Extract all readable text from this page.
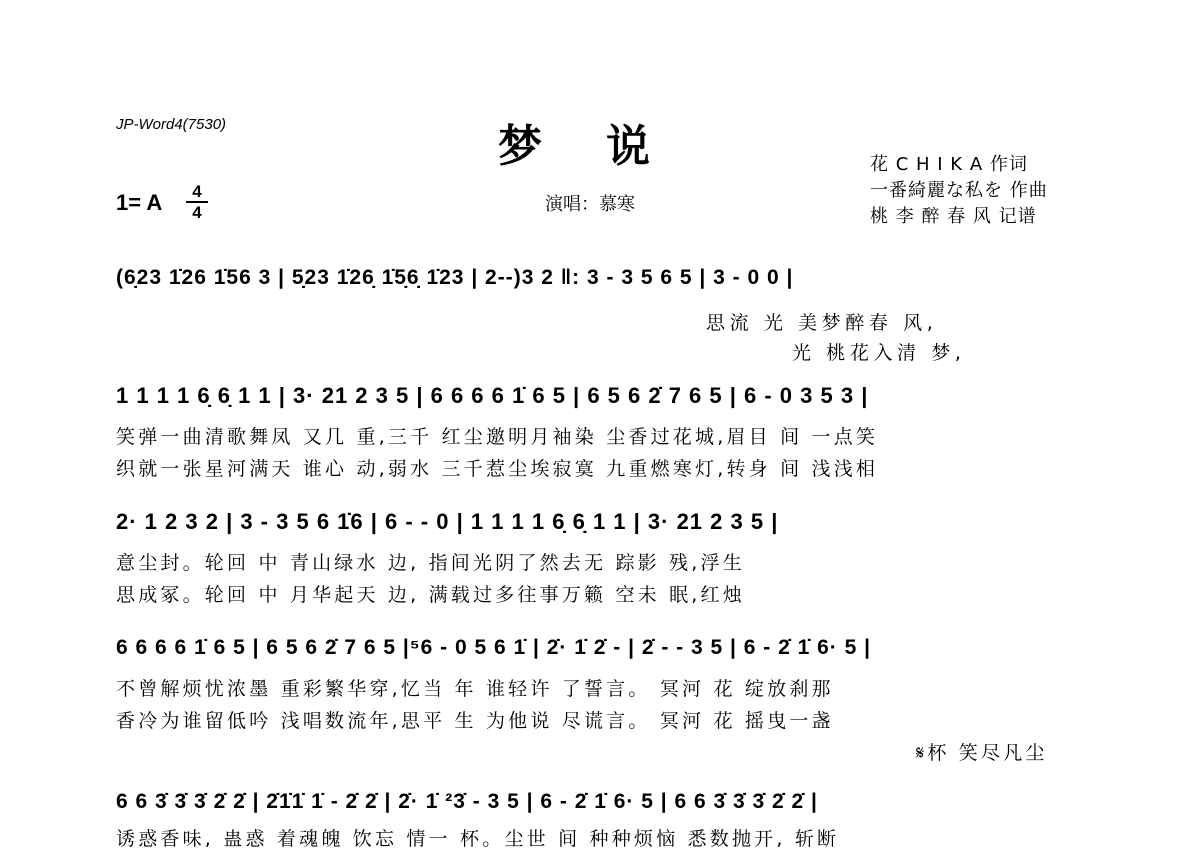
JP-Word4(7530)	梦说
1= A	4
4	演唱：慕寒
花 C H I K A 作词
一番綺麗な私を 作曲
桃 李 醉 春 风 记谱
(6̣23 1̇26 1̇56 3 | 5̣23 1̇26̣ 1̇5̣6̣ 1̇23 | 2--)3 2 ‖: 3 - 3 5 6 5 | 3 - 0 0 |
思流 光 美梦醉春 风,
光 桃花入清 梦,
1 1 1 1 6̣ 6̣ 1 1 | 3· 21 2 3 5 | 6 6 6 6 1̇ 6 5 | 6 5 6 2̇ 7 6 5 | 6 - 0 3 5 3 |
笑弹一曲清歌舞凤 又几 重,三千 红尘邀明月袖染 尘香过花城,眉目 间 一点笑
织就一张星河满天 谁心 动,弱水 三千惹尘埃寂寞 九重燃寒灯,转身 间 浅浅相
2· 1 2 3 2 | 3 - 3 5 6 1̇6 | 6 - - 0 | 1 1 1 1 6̣ 6̣ 1 1 | 3· 21 2 3 5 |
意尘封。轮回 中 青山绿水 边, 指间光阴了然去无 踪影 残,浮生
思成冢。轮回 中 月华起天 边, 满载过多往事万籁 空未 眠,红烛
6 6 6 6 1̇ 6 5 | 6 5 6 2̇ 7 6 5 |⁵6 - 0 5 6 1̇ | 2̇· 1̇ 2̇ - | 2̇ - - 3 5 | 6 - 2̇ 1̇ 6· 5 |
不曾解烦忧浓墨 重彩繁华穿,忆当 年 谁轻许 了誓言。 冥河 花 绽放刹那
香冷为谁留低吟 浅唱数流年,思平 生 为他说 尽谎言。 冥河 花 摇曳一盏
𝄋杯 笑尽凡尘
6 6 3̇ 3̇ 3̇ 2̇ 2̇ | 2̇1̇1̇ 1̇ - 2̇ 2̇ | 2̇· 1̇ ²3̇ - 3 5 | 6 - 2̇ 1̇ 6· 5 | 6 6 3̇ 3̇ 3̇ 2̇ 2̇ |
诱惑香味, 蛊惑 着魂魄 饮忘 情一 杯。尘世 间 种种烦恼 悉数抛开, 斩断
